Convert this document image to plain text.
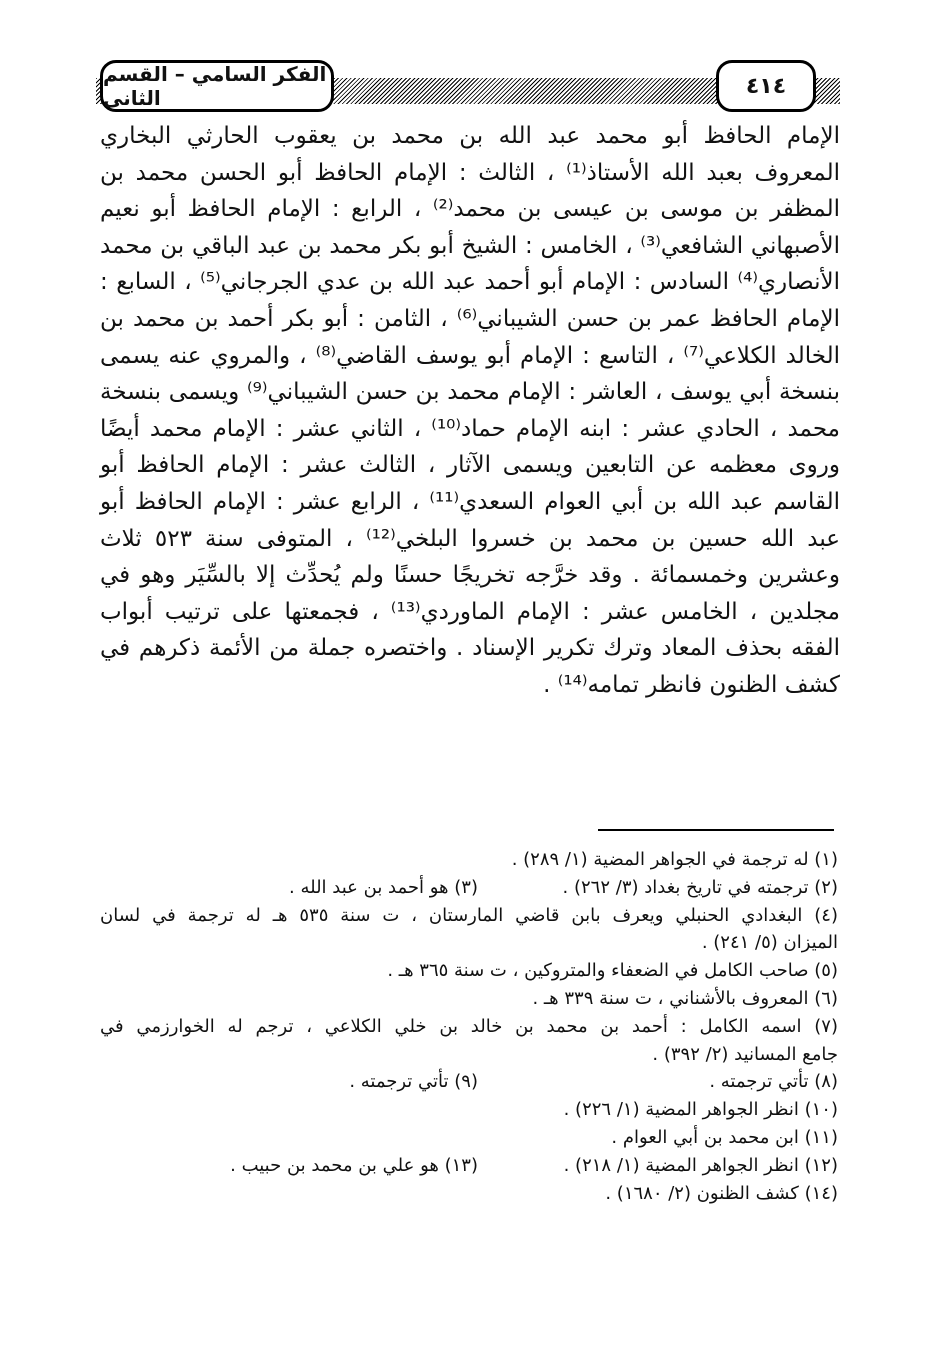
الفكر السامي – القسم الثاني	٤١٤

الإمام الحافظ أبو محمد عبد الله بن محمد بن يعقوب الحارثي البخاري المعروف بعبد الله الأستاذ⁽¹⁾ ، الثالث : الإمام الحافظ أبو الحسن محمد بن المظفر بن موسى بن عيسى بن محمد⁽²⁾ ، الرابع : الإمام الحافظ أبو نعيم الأصبهاني الشافعي⁽³⁾ ، الخامس : الشيخ أبو بكر محمد بن عبد الباقي بن محمد الأنصاري⁽⁴⁾ السادس : الإمام أبو أحمد عبد الله بن عدي الجرجاني⁽⁵⁾ ، السابع : الإمام الحافظ عمر بن حسن الشيباني⁽⁶⁾ ، الثامن : أبو بكر أحمد بن محمد بن الخالد الكلاعي⁽⁷⁾ ، التاسع : الإمام أبو يوسف القاضي⁽⁸⁾ ، والمروي عنه يسمى بنسخة أبي يوسف ، العاشر : الإمام محمد بن حسن الشيباني⁽⁹⁾ ويسمى بنسخة محمد ، الحادي عشر : ابنه الإمام حماد⁽¹⁰⁾ ، الثاني عشر : الإمام محمد أيضًا وروى معظمه عن التابعين ويسمى الآثار ، الثالث عشر : الإمام الحافظ أبو القاسم عبد الله بن أبي العوام السعدي⁽¹¹⁾ ، الرابع عشر : الإمام الحافظ أبو عبد الله حسين بن محمد بن خسروا البلخي⁽¹²⁾ ، المتوفى سنة ٥٢٣ ثلاث وعشرين وخمسمائة . وقد خرَّجه تخريجًا حسنًا ولم يُحدِّث إلا بالسِّيَر وهو في مجلدين ، الخامس عشر : الإمام الماوردي⁽¹³⁾ ، فجمعتها على ترتيب أبواب الفقه بحذف المعاد وترك تكرير الإسناد . واختصره جملة من الأئمة ذكرهم في كشف الظنون فانظر تمامه⁽¹⁴⁾ .

(١) له ترجمة في الجواهر المضية (١/ ٢٨٩) .
(٢) ترجمته في تاريخ بغداد (٣/ ٢٦٢) .
(٣) هو أحمد بن عبد الله .
(٤) البغدادي الحنبلي ويعرف بابن قاضي المارستان ، ت سنة ٥٣٥ هـ له ترجمة في لسان
الميزان (٥/ ٢٤١) .
(٥) صاحب الكامل في الضعفاء والمتروكين ، ت سنة ٣٦٥ هـ .
(٦) المعروف بالأشناني ، ت سنة ٣٣٩ هـ .
(٧) اسمه الكامل : أحمد بن محمد بن خالد بن خلي الكلاعي ، ترجم له الخوارزمي في
جامع المسانيد (٢/ ٣٩٢) .
(٨) تأتي ترجمته .
(٩) تأتي ترجمته .
(١٠) انظر الجواهر المضية (١/ ٢٢٦) .
(١١) ابن محمد بن أبي العوام .
(١٢) انظر الجواهر المضية (١/ ٢١٨) .
(١٣) هو علي بن محمد بن حبيب .
(١٤) كشف الظنون (٢/ ١٦٨٠) .
